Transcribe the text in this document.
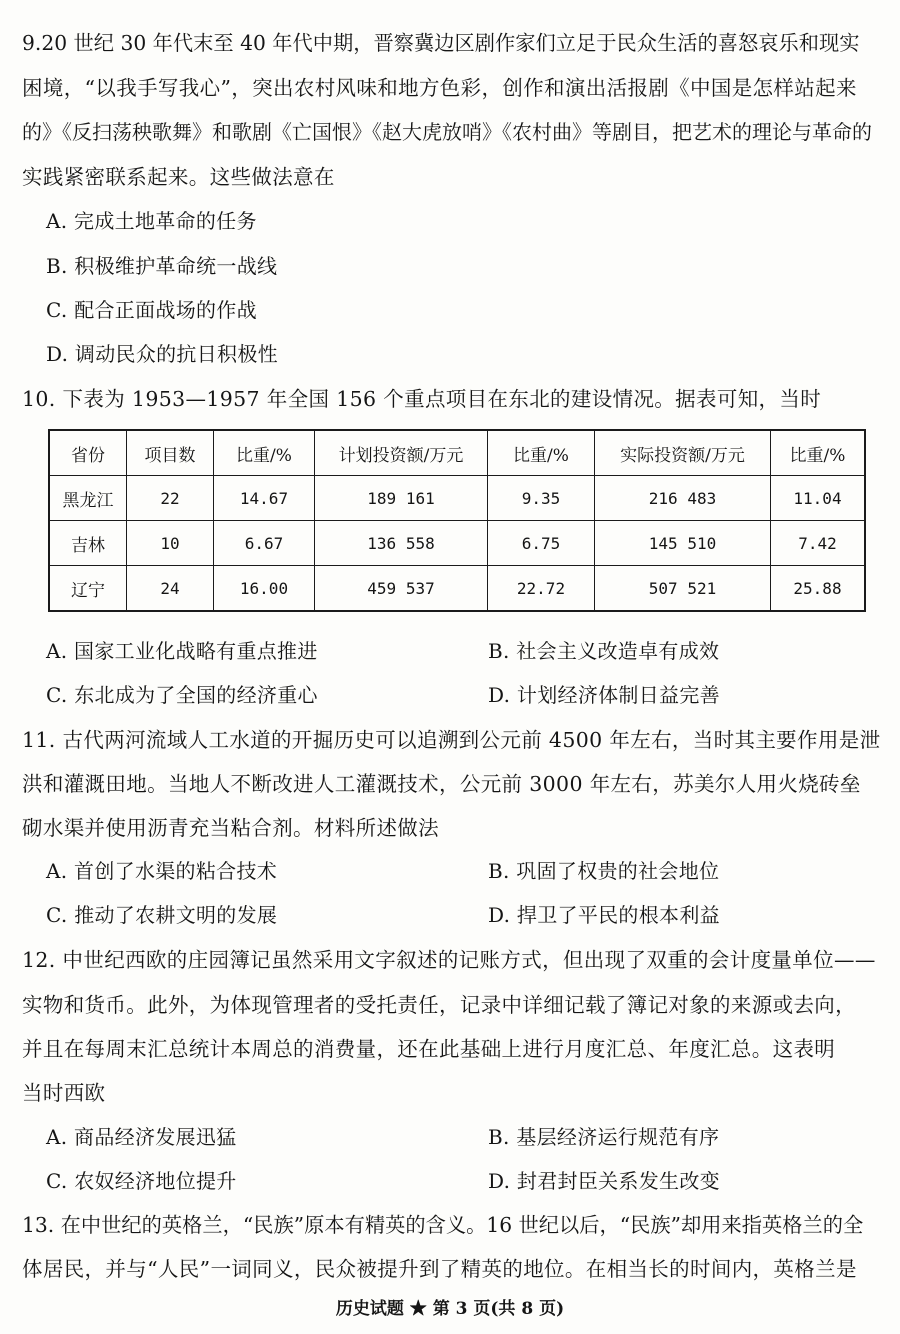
9.20 世纪 30 年代末至 40 年代中期，晋察冀边区剧作家们立足于民众生活的喜怒哀乐和现实
困境，“以我手写我心”，突出农村风味和地方色彩，创作和演出活报剧《中国是怎样站起来
的》《反扫荡秧歌舞》和歌剧《亡国恨》《赵大虎放哨》《农村曲》等剧目，把艺术的理论与革命的
实践紧密联系起来。这些做法意在
A. 完成土地革命的任务
B. 积极维护革命统一战线
C. 配合正面战场的作战
D. 调动民众的抗日积极性
10. 下表为 1953—1957 年全国 156 个重点项目在东北的建设情况。据表可知，当时
省份	项目数	比重/%	计划投资额/万元	比重/%	实际投资额/万元	比重/%
黑龙江	22	14.67	189 161	9.35	216 483	11.04
吉林	10	6.67	136 558	6.75	145 510	7.42
辽宁	24	16.00	459 537	22.72	507 521	25.88
A. 国家工业化战略有重点推进	B. 社会主义改造卓有成效
C. 东北成为了全国的经济重心	D. 计划经济体制日益完善
11. 古代两河流域人工水道的开掘历史可以追溯到公元前 4500 年左右，当时其主要作用是泄
洪和灌溉田地。当地人不断改进人工灌溉技术，公元前 3000 年左右，苏美尔人用火烧砖垒
砌水渠并使用沥青充当粘合剂。材料所述做法
A. 首创了水渠的粘合技术	B. 巩固了权贵的社会地位
C. 推动了农耕文明的发展	D. 捍卫了平民的根本利益
12. 中世纪西欧的庄园簿记虽然采用文字叙述的记账方式，但出现了双重的会计度量单位——
实物和货币。此外，为体现管理者的受托责任，记录中详细记载了簿记对象的来源或去向，
并且在每周末汇总统计本周总的消费量，还在此基础上进行月度汇总、年度汇总。这表明
当时西欧
A. 商品经济发展迅猛	B. 基层经济运行规范有序
C. 农奴经济地位提升	D. 封君封臣关系发生改变
13. 在中世纪的英格兰，“民族”原本有精英的含义。16 世纪以后，“民族”却用来指英格兰的全
体居民，并与“人民”一词同义，民众被提升到了精英的地位。在相当长的时间内，英格兰是
历史试题 ★ 第 3 页(共 8 页)
